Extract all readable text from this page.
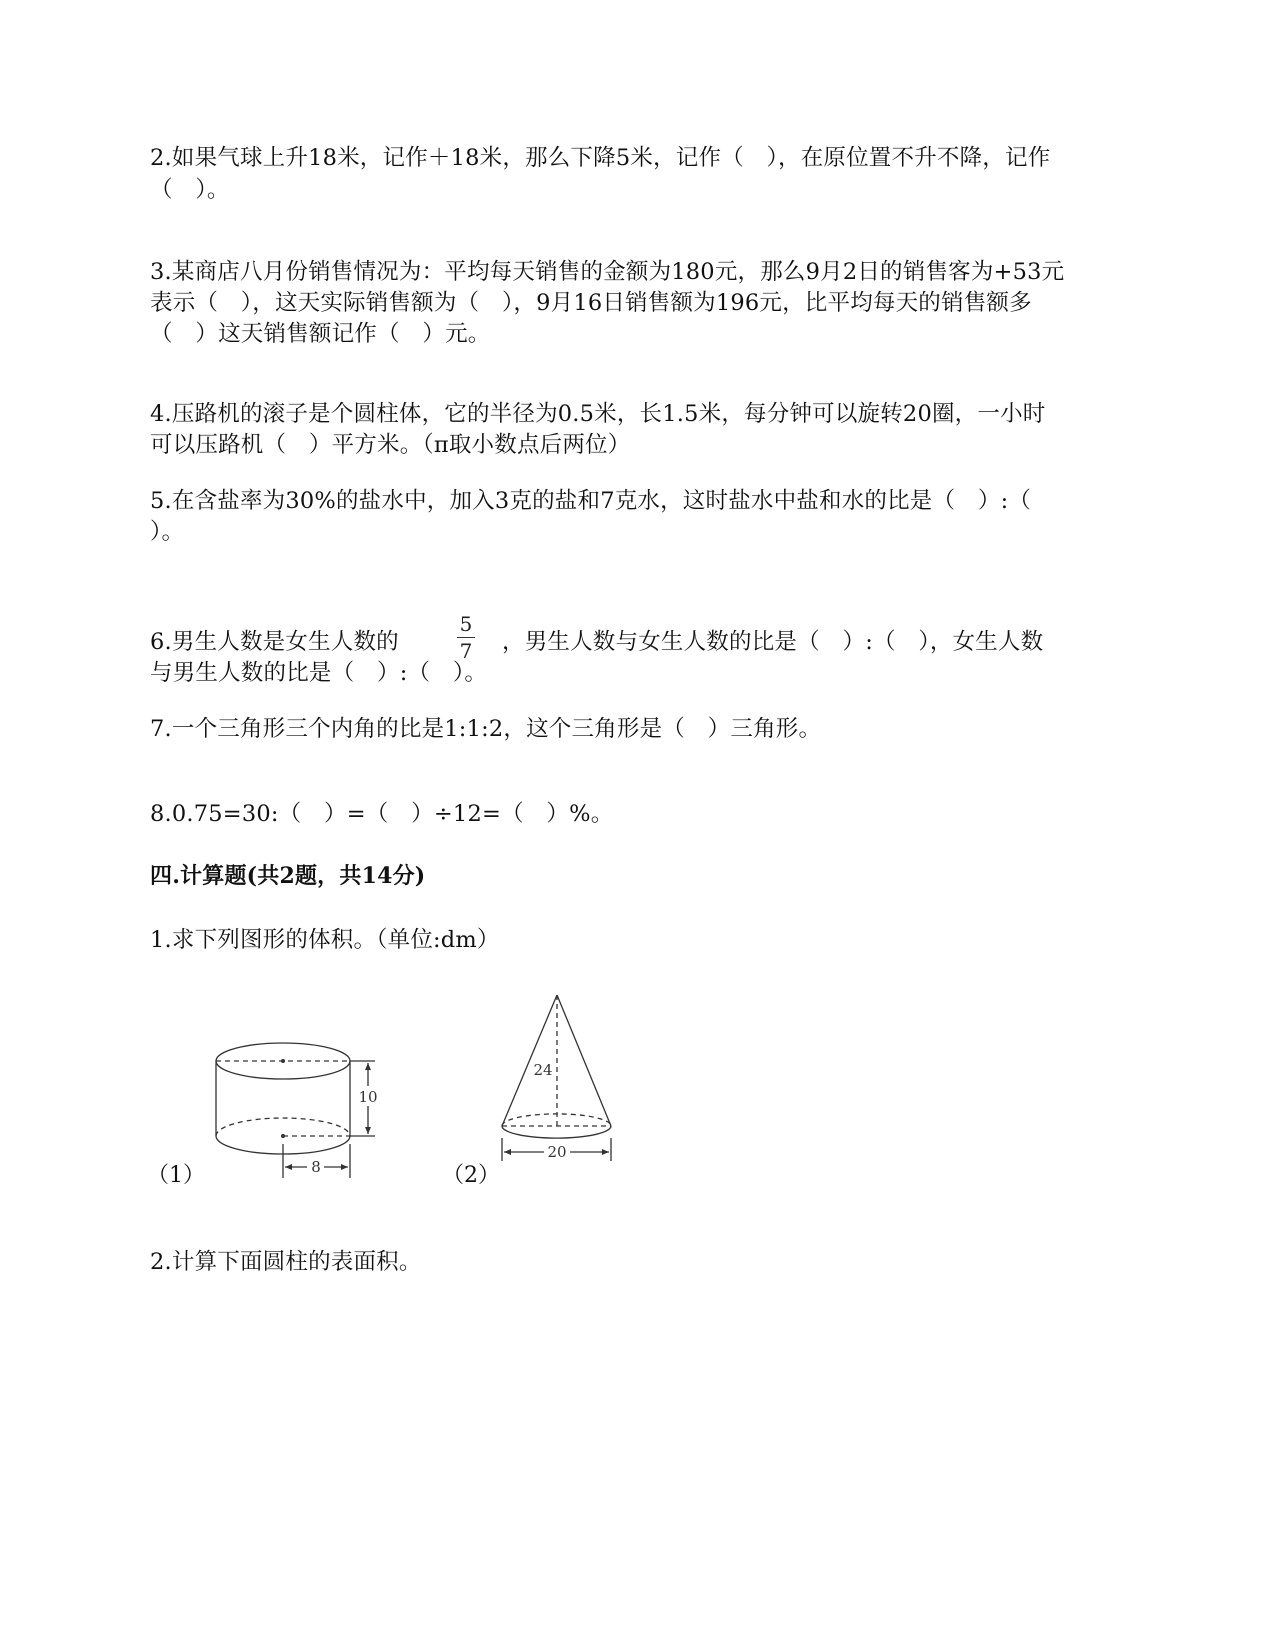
2.如果气球上升18米，记作＋18米，那么下降5米，记作（　），在原位置不升不降，记作

（　）。

3.某商店八月份销售情况为：平均每天销售的金额为180元，那么9月2日的销售客为+53元

表示（　），这天实际销售额为（　），9月16日销售额为196元，比平均每天的销售额多

（　）这天销售额记作（　）元。

4.压路机的滚子是个圆柱体，它的半径为0.5米，长1.5米，每分钟可以旋转20圈，一小时

可以压路机（　）平方米。（π取小数点后两位）

5.在含盐率为30%的盐水中，加入3克的盐和7克水，这时盐水中盐和水的比是（　）:（

）。

6.男生人数是女生人数的

5
7 ，男生人数与女生人数的比是（　）:（　），女生人数

与男生人数的比是（　）:（　）。

7.一个三角形三个内角的比是1:1:2，这个三角形是（　）三角形。

8.0.75=30:（　）=（　）÷12=（　）%。

四.计算题(共2题，共14分)

1.求下列图形的体积。（单位:dm）

10
8
（1）
24
20
（2）

2.计算下面圆柱的表面积。
